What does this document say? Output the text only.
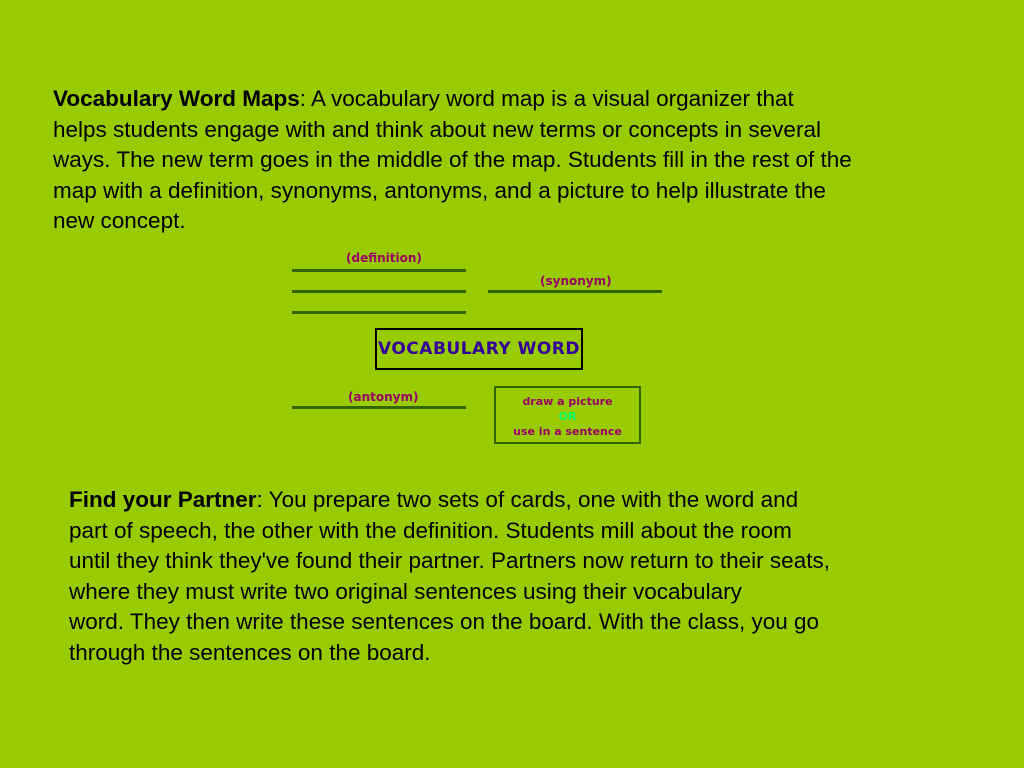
Vocabulary Word Maps: A vocabulary word map is a visual organizer that
helps students engage with and think about new terms or concepts in several
ways. The new term goes in the middle of the map. Students fill in the rest of the
map with a definition, synonyms, antonyms, and a picture to help illustrate the
new concept.
(definition)
(synonym)
VOCABULARY WORD
(antonym)	draw a picture
OR
use in a sentence
Find your Partner: You prepare two sets of cards, one with the word and
part of speech, the other with the definition. Students mill about the room
until they think they've found their partner. Partners now return to their seats,
where they must write two original sentences using their vocabulary
word. They then write these sentences on the board. With the class, you go
through the sentences on the board.
